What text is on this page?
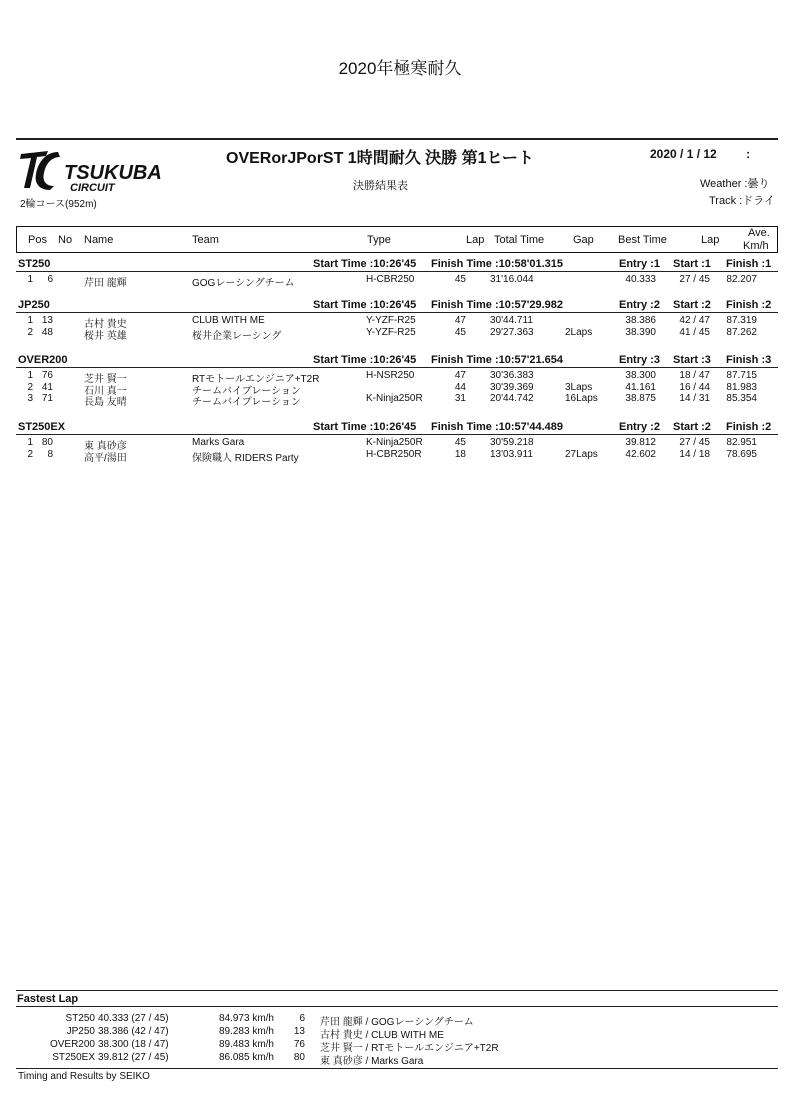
2020年極寒耐久
TSUKUBA
CIRCUIT
2輪コース(952m)
OVERorJPorST 1時間耐久 決勝 第1ヒート	2020 / 1 / 12 :
決勝結果表	Weather :曇り
Track :ドライ
Pos No Name	Team	Type	Lap Total Time	Gap Best Time	Lap
Ave.
Km/h
ST250	Start Time :10:26'45 Finish Time :10:58'01.315	Entry :1 Start :1 Finish :1
1 6	芹田 龍輝	GOGレーシングチーム	H-CBR250	45 31'16.044	40.333 27 / 45 82.207
JP250	Start Time :10:26'45 Finish Time :10:57'29.982	Entry :2 Start :2 Finish :2
1 13	古村 貴史	CLUB WITH ME	Y-YZF-R25	47 30'44.711	38.386 42 / 47 87.319
2 48	桜井 英雄	桜井企業レーシング	Y-YZF-R25	45 29'27.363	2Laps	38.390 41 / 45 87.262
OVER200	Start Time :10:26'45 Finish Time :10:57'21.654	Entry :3 Start :3 Finish :3
1 76	芝井 賢一	RTモトールエンジニア+T2R	H-NSR250	47 30'36.383	38.300 18 / 47 87.715
2 41	石川 真一	チームバイブレーション	44 30'39.369	3Laps	41.161 16 / 44 81.983
3 71	長島 友晴	チームバイブレーション	K-Ninja250R	31 20'44.742	16Laps	38.875 14 / 31 85.354
ST250EX	Start Time :10:26'45 Finish Time :10:57'44.489	Entry :2 Start :2 Finish :2
1 80	東 真砂彦	Marks Gara	K-Ninja250R	45 30'59.218	39.812 27 / 45 82.951
2 8	高平/湯田	保険職人 RIDERS Party	H-CBR250R	18 13'03.911	27Laps	42.602 14 / 18 78.695
Fastest Lap
ST250 40.333 (27 / 45)	84.973 km/h	6 芹田 龍輝 / GOGレーシングチーム
JP250 38.386 (42 / 47)	89.283 km/h 13 古村 貴史 / CLUB WITH ME
OVER200 38.300 (18 / 47)	89.483 km/h 76 芝井 賢一 / RTモトールエンジニア+T2R
ST250EX 39.812 (27 / 45)	86.085 km/h 80 東 真砂彦 / Marks Gara
Timing and Results by SEIKO
